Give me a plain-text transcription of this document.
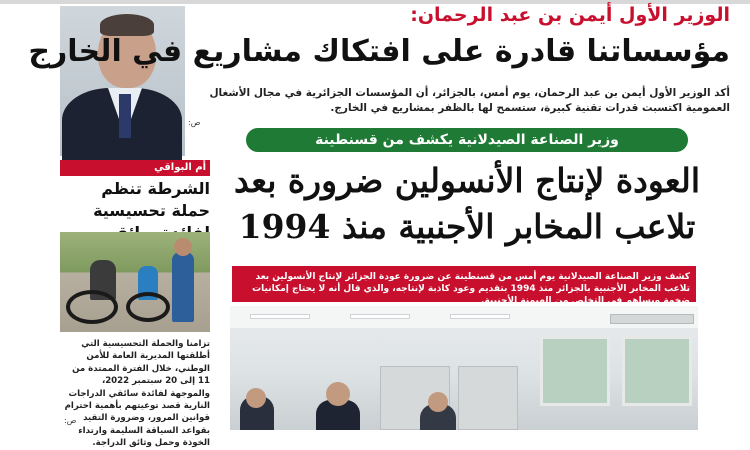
ص:
الوزير الأول أيمن بن عبد الرحمان:
مؤسساتنا قادرة على افتكاك مشاريع في الخارج
أكد الوزير الأول أيمن بن عبد الرحمان، يوم أمس، بالجزائر، أن المؤسسات الجزائرية في مجال الأشغال العمومية اكتسبت قدرات تقنية كبيرة، ستسمح لها بالظفر بمشاريع في الخارج.
أم البواقي
الشرطة تنظم حملة تحسيسية
تزامنا والحملة التحسيسية التي أطلقتها المديرية العامة للأمن الوطني، خلال الفترة الممتدة من 11 إلى 20 سبتمبر 2022، والموجهة لفائدة سائقي الدراجات النارية قصد توعيتهم بأهمية احترام قوانين المرور، وضرورة التقيد بقواعد السياقة السليمة وارتداء الخوذة وحمل وثائق الدراجة.
ص:
وزير الصناعة الصيدلانية يكشف من قسنطينة
العودة لإنتاج الأنسولين ضرورة بعد
تلاعب المخابر الأجنبية منذ 1994
كشف وزير الصناعة الصيدلانية يوم أمس من قسنطينة عن ضرورة عودة الجزائر لإنتاج الأنسولين بعد تلاعب المخابر الأجنبية بالجزائر منذ 1994 بتقديم وعود كاذبة لإنتاجه، والذي قال أنه لا يحتاج إمكانيات ضخمة ويساهم في التخلص من الهيمنة الأجنبية.
